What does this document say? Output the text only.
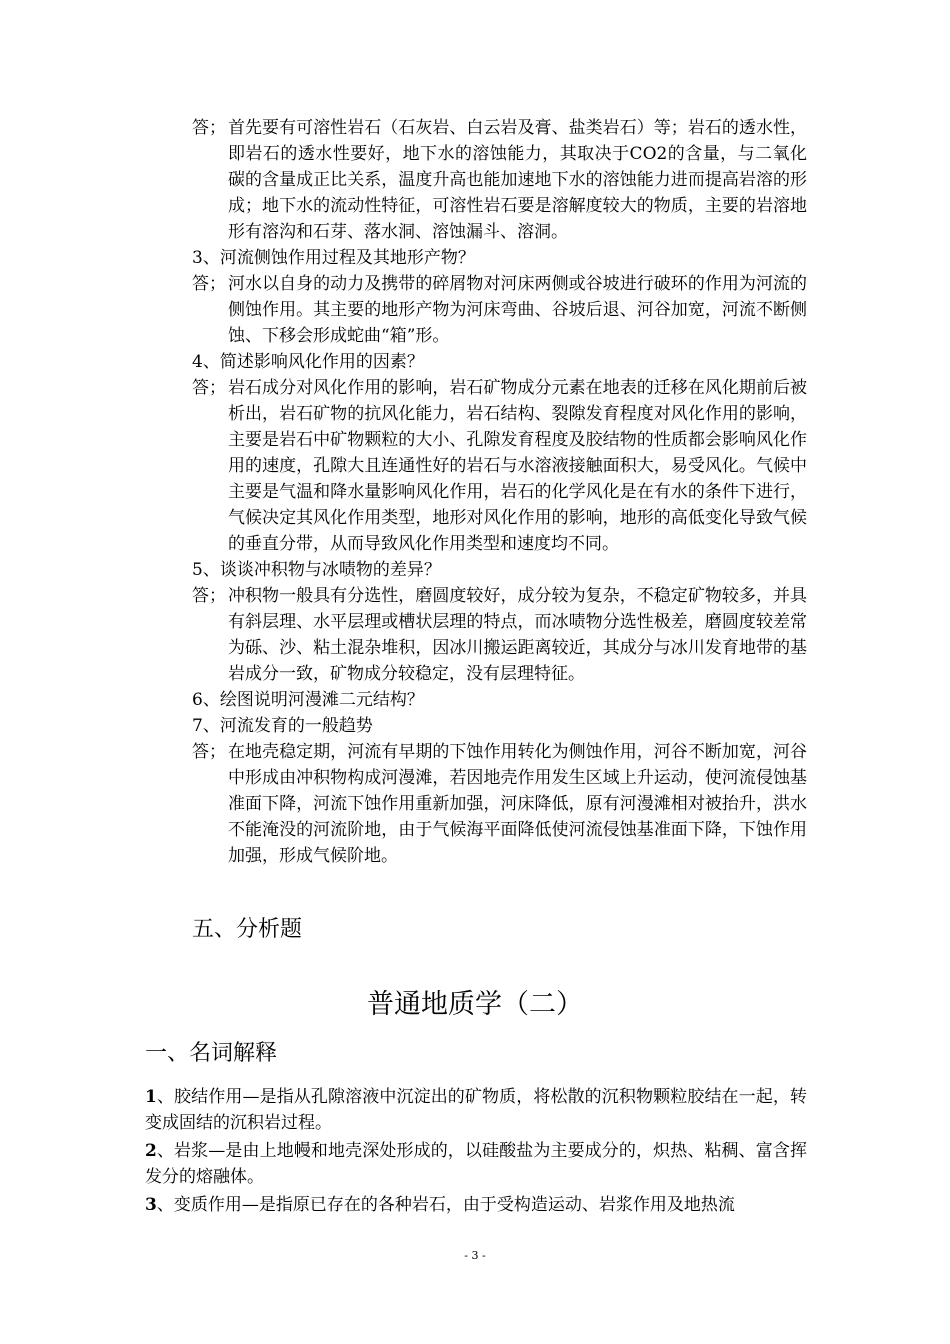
答； 首先要有可溶性岩石（石灰岩、白云岩及膏、盐类岩石）等；岩石的透水性，即岩石的透水性要好，地下水的溶蚀能力，其取决于CO2的含量，与二氧化碳的含量成正比关系，温度升高也能加速地下水的溶蚀能力进而提高岩溶的形成；地下水的流动性特征，可溶性岩石要是溶解度较大的物质，主要的岩溶地形有溶沟和石芽、落水洞、溶蚀漏斗、溶洞。
3、河流侧蚀作用过程及其地形产物？
答； 河水以自身的动力及携带的碎屑物对河床两侧或谷坡进行破环的作用为河流的侧蚀作用。其主要的地形产物为河床弯曲、谷坡后退、河谷加宽，河流不断侧蚀、下移会形成蛇曲“箱”形。
4、简述影响风化作用的因素？
答； 岩石成分对风化作用的影响，岩石矿物成分元素在地表的迁移在风化期前后被析出，岩石矿物的抗风化能力，岩石结构、裂隙发育程度对风化作用的影响，主要是岩石中矿物颗粒的大小、孔隙发育程度及胶结物的性质都会影响风化作用的速度，孔隙大且连通性好的岩石与水溶液接触面积大，易受风化。气候中主要是气温和降水量影响风化作用，岩石的化学风化是在有水的条件下进行，气候决定其风化作用类型，地形对风化作用的影响，地形的高低变化导致气候的垂直分带，从而导致风化作用类型和速度均不同。
5、谈谈冲积物与冰啧物的差异？
答； 冲积物一般具有分选性，磨圆度较好，成分较为复杂，不稳定矿物较多，并具有斜层理、水平层理或槽状层理的特点，而冰啧物分选性极差，磨圆度较差常为砾、沙、粘土混杂堆积，因冰川搬运距离较近，其成分与冰川发育地带的基岩成分一致，矿物成分较稳定，没有层理特征。
6、绘图说明河漫滩二元结构？
7、河流发育的一般趋势
答； 在地壳稳定期，河流有早期的下蚀作用转化为侧蚀作用，河谷不断加宽，河谷中形成由冲积物构成河漫滩，若因地壳作用发生区域上升运动，使河流侵蚀基准面下降，河流下蚀作用重新加强，河床降低，原有河漫滩相对被抬升，洪水不能淹没的河流阶地，由于气候海平面降低使河流侵蚀基准面下降，下蚀作用加强，形成气候阶地。
五、分析题
普通地质学（二）
一、名词解释
1、胶结作用—是指从孔隙溶液中沉淀出的矿物质，将松散的沉积物颗粒胶结在一起，转变成固结的沉积岩过程。
2、岩浆—是由上地幔和地壳深处形成的，以硅酸盐为主要成分的，炽热、粘稠、富含挥发分的熔融体。
3、变质作用—是指原已存在的各种岩石，由于受构造运动、岩浆作用及地热流
- 3 -
